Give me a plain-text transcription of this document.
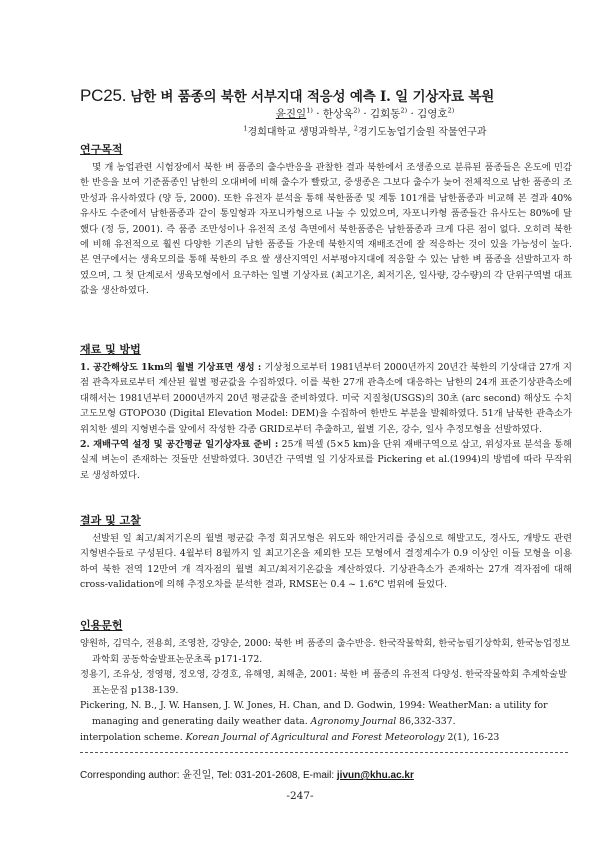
PC25. 남한 벼 품종의 북한 서부지대 적응성 예측 I. 일 기상자료 복원
윤진일$^{1)}$ · 한상욱$^{2)}$ · 김회동$^{2)}$ · 김영호$^{2)}$
$^1$경희대학교 생명과학부, $^2$경기도농업기술원 작물연구과
연구목적

몇 개 농업관련 시험장에서 북한 벼 품종의 출수반응을 관찰한 결과 북한에서 조생종으로 분류된 품종들은 온도에 민감한 반응을 보여 기준품종인 남한의 오대벼에 비해 출수가 빨랐고, 중생종은 그보다 출수가 늦어 전체적으로 남한 품종의 조만성과 유사하였다 (양 등, 2000). 또한 유전자 분석을 통해 북한품종 및 계통 101개를 남한품종과 비교해 본 결과 40% 유사도 수준에서 남한품종과 같이 통일형과 자포니카형으로 나눌 수 있었으며, 자포니카형 품종들간 유사도는 80%에 달했다 (정 등, 2001). 즉 품종 조만성이나 유전적 조성 측면에서 북한품종은 남한품종과 크게 다른 점이 없다. 오히려 북한에 비해 유전적으로 훨씬 다양한 기존의 남한 품종들 가운데 북한지역 재배조건에 잘 적응하는 것이 있을 가능성이 높다. 본 연구에서는 생육모의를 통해 북한의 주요 쌀 생산지역인 서부평야지대에 적응할 수 있는 남한 벼 품종을 선발하고자 하였으며, 그 첫 단계로서 생육모형에서 요구하는 일별 기상자료 (최고기온, 최저기온, 일사량, 강수량)의 각 단위구역별 대표값을 생산하였다.

재료 및 방법

1. 공간해상도 1km의 월별 기상표면 생성 : 기상청으로부터 1981년부터 2000년까지 20년간 북한의 기상대급 27개 지점 관측자료로부터 계산된 월별 평균값을 수집하였다. 이를 북한 27개 관측소에 대응하는 남한의 24개 표준기상관측소에 대해서는 1981년부터 2000년까지 20년 평균값을 준비하였다. 미국 지질청(USGS)의 30초 (arc second) 해상도 수치고도모형 GTOPO30 (Digital Elevation Model: DEM)을 수집하여 한반도 부분을 발췌하였다. 51개 남북한 관측소가 위치한 셀의 지형변수를 앞에서 작성한 각종 GRID로부터 추출하고, 월별 기온, 강수, 일사 추정모형을 선발하였다.

2. 재배구역 설정 및 공간평균 일기상자료 준비 : 25개 픽셀 (5×5 km)을 단위 재배구역으로 삼고, 위성자료 분석을 통해 실제 벼논이 존재하는 것들만 선발하였다. 30년간 구역별 일 기상자료를 Pickering et al.(1994)의 방법에 따라 무작위로 생성하였다.

결과 및 고찰

선발된 일 최고/최저기온의 월별 평균값 추정 회귀모형은 위도와 해안거리를 중심으로 해발고도, 경사도, 개방도 관련 지형변수들로 구성된다. 4월부터 8월까지 일 최고기온을 제외한 모든 모형에서 결정계수가 0.9 이상인 이들 모형을 이용하여 북한 전역 12만여 개 격자점의 월별 최고/최저기온값을 계산하였다. 기상관측소가 존재하는 27개 격자점에 대해 cross-validation에 의해 추정오차를 분석한 결과, RMSE는 0.4 ~ 1.6℃ 범위에 들었다.

인용문헌

양원하, 김덕수, 전용희, 조영찬, 강양순, 2000: 북한 벼 품종의 출수반응. 한국작물학회, 한국농림기상학회, 한국농업정보과학회 공동학술발표논문초록 p171-172.

정용기, 조유상, 정영평, 정오영, 강경호, 유해영, 최해춘, 2001: 북한 벼 품종의 유전적 다양성. 한국작물학회 추계학술발표논문집 p138-139.

Pickering, N. B., J. W. Hansen, J. W. Jones, H. Chan, and D. Godwin, 1994: WeatherMan: a utility for managing and generating daily weather data. Agronomy Journal 86,332-337.

interpolation scheme. Korean Journal of Agricultural and Forest Meteorology 2(1), 16-23

Corresponding author: 윤진일, Tel: 031-201-2608, E-mail: jivun@khu.ac.kr
-247-
